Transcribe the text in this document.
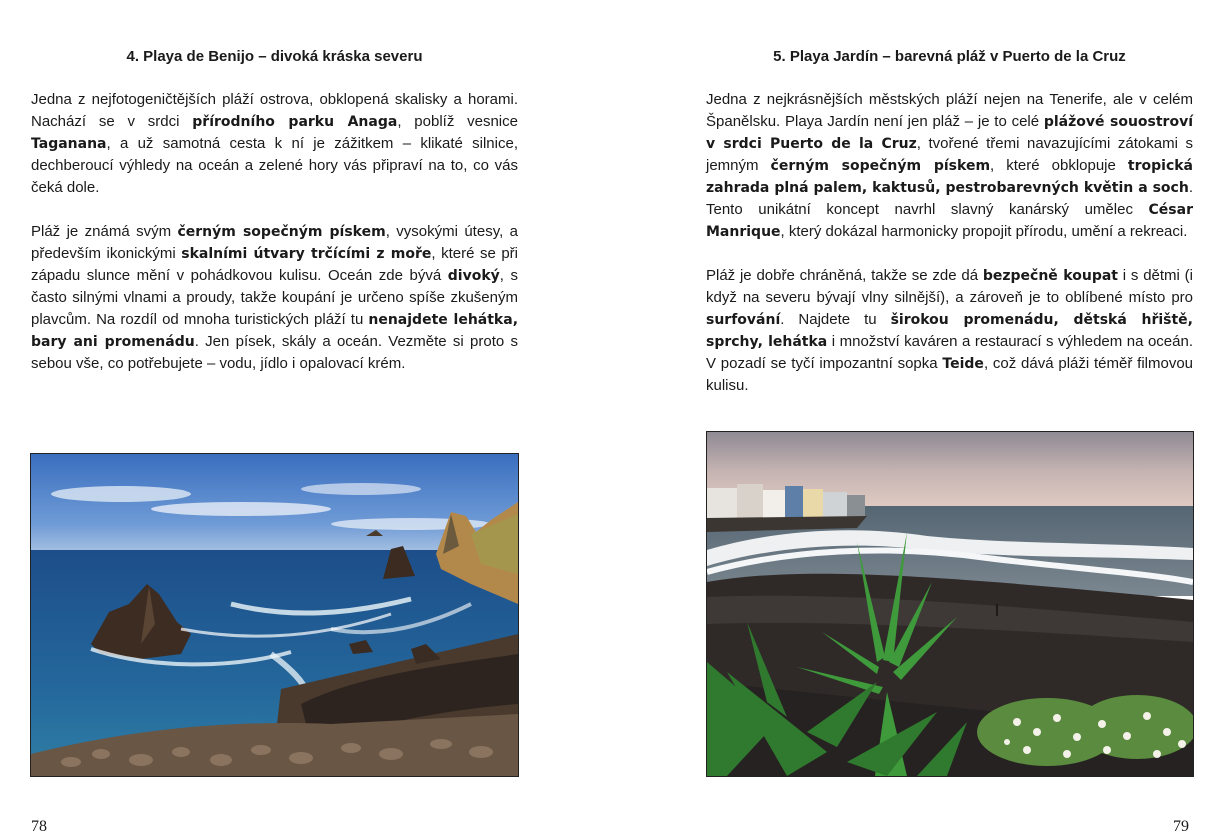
4. Playa de Benijo – divoká kráska severu

Jedna z nejfotogeničtějších pláží ostrova, obklopená skalisky a horami. Nachází se v srdci přírodního parku Anaga, poblíž vesnice Taganana, a už samotná cesta k ní je zážitkem – klikaté silnice, dechberoucí výhledy na oceán a zelené hory vás připraví na to, co vás čeká dole.

Pláž je známá svým černým sopečným pískem, vysokými útesy, a především ikonickými skalními útvary trčícími z moře, které se při západu slunce mění v pohádkovou kulisu. Oceán zde bývá divoký, s často silnými vlnami a proudy, takže koupání je určeno spíše zkušeným plavcům. Na rozdíl od mnoha turistických pláží tu nenajdete lehátka, bary ani promenádu. Jen písek, skály a oceán. Vezměte si proto s sebou vše, co potřebujete – vodu, jídlo i opalovací krém.

78
5. Playa Jardín – barevná pláž v Puerto de la Cruz

Jedna z nejkrásnějších městských pláží nejen na Tenerife, ale v celém Španělsku. Playa Jardín není jen pláž – je to celé plážové souostroví v srdci Puerto de la Cruz, tvořené třemi navazujícími zátokami s jemným černým sopečným pískem, které obklopuje tropická zahrada plná palem, kaktusů, pestrobarevných květin a soch. Tento unikátní koncept navrhl slavný kanárský umělec César Manrique, který dokázal harmonicky propojit přírodu, umění a rekreaci.

Pláž je dobře chráněná, takže se zde dá bezpečně koupat i s dětmi (i když na severu bývají vlny silnější), a zároveň je to oblíbené místo pro surfování. Najdete tu širokou promenádu, dětská hřiště, sprchy, lehátka i množství kaváren a restaurací s výhledem na oceán. V pozadí se tyčí impozantní sopka Teide, což dává pláži téměř filmovou kulisu.

79
